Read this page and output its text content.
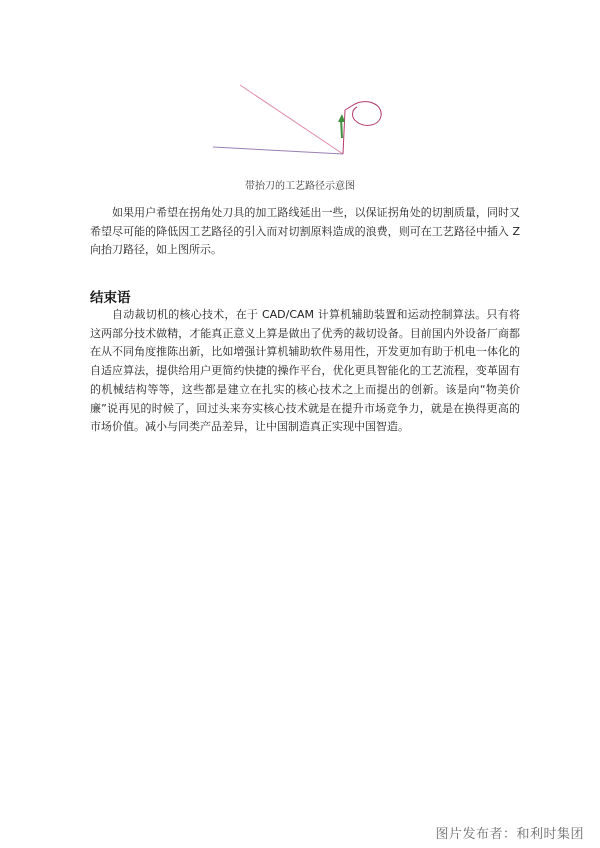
带抬刀的工艺路径示意图

如果用户希望在拐角处刀具的加工路线延出一些，以保证拐角处的切割质量，同时又希望尽可能的降低因工艺路径的引入而对切割原料造成的浪费，则可在工艺路径中插入 Z 向抬刀路径，如上图所示。

结束语

自动裁切机的核心技术，在于 CAD/CAM 计算机辅助装置和运动控制算法。只有将这两部分技术做精，才能真正意义上算是做出了优秀的裁切设备。目前国内外设备厂商都在从不同角度推陈出新，比如增强计算机辅助软件易用性，开发更加有助于机电一体化的自适应算法，提供给用户更简约快捷的操作平台，优化更具智能化的工艺流程，变革固有的机械结构等等，这些都是建立在扎实的核心技术之上而提出的创新。该是向“物美价廉”说再见的时候了，回过头来夯实核心技术就是在提升市场竞争力，就是在换得更高的市场价值。减小与同类产品差异，让中国制造真正实现中国智造。

图片发布者：和利时集团
